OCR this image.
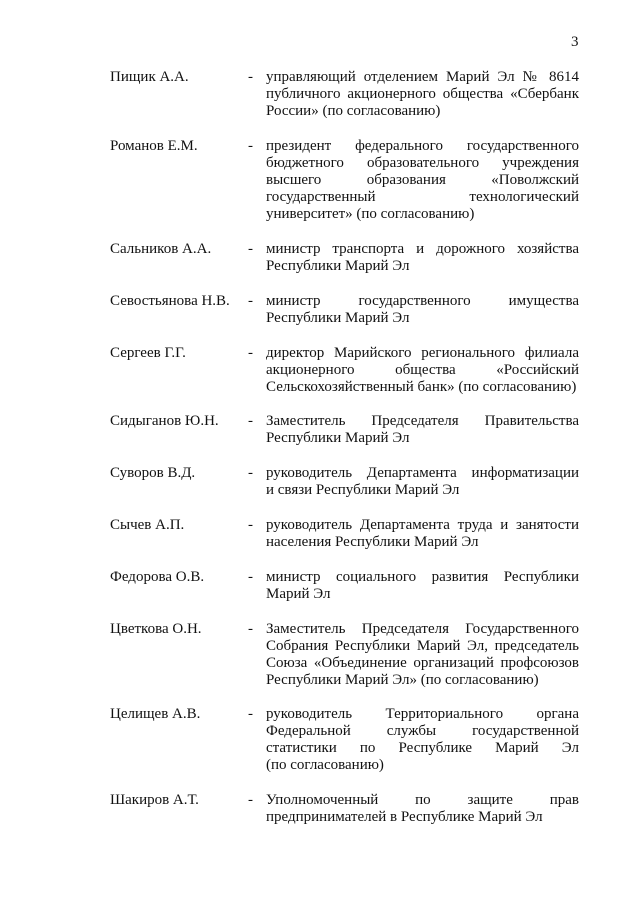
3
Пищик А.А.	- управляющий отделением Марий Эл № 8614
публичного акционерного общества «Сбербанк
России» (по согласованию)
Романов Е.М.	- президент федерального государственного
бюджетного образовательного учреждения
высшего образования «Поволжский
государственный технологический
университет» (по согласованию)
Сальников А.А. - министр транспорта и дорожного хозяйства
Республики Марий Эл
Севостьянова Н.В. - министр государственного имущества
Республики Марий Эл
Сергеев Г.Г.	- директор Марийского регионального филиала
акционерного общества «Российский
Сельскохозяйственный банк» (по согласованию)
Сидыганов Ю.Н. - Заместитель Председателя Правительства
Республики Марий Эл
Суворов В.Д.	- руководитель Департамента информатизации
и связи Республики Марий Эл
Сычев А.П.	- руководитель Департамента труда и занятости
населения Республики Марий Эл
Федорова О.В.	- министр социального развития Республики
Марий Эл
Цветкова О.Н.	- Заместитель Председателя Государственного
Собрания Республики Марий Эл, председатель
Союза «Объединение организаций профсоюзов
Республики Марий Эл» (по согласованию)
Целищев А.В.	- руководитель Территориального органа
Федеральной службы государственной
статистики по Республике Марий Эл
(по согласованию)
Шакиров А.Т.	- Уполномоченный по защите прав
предпринимателей в Республике Марий Эл
